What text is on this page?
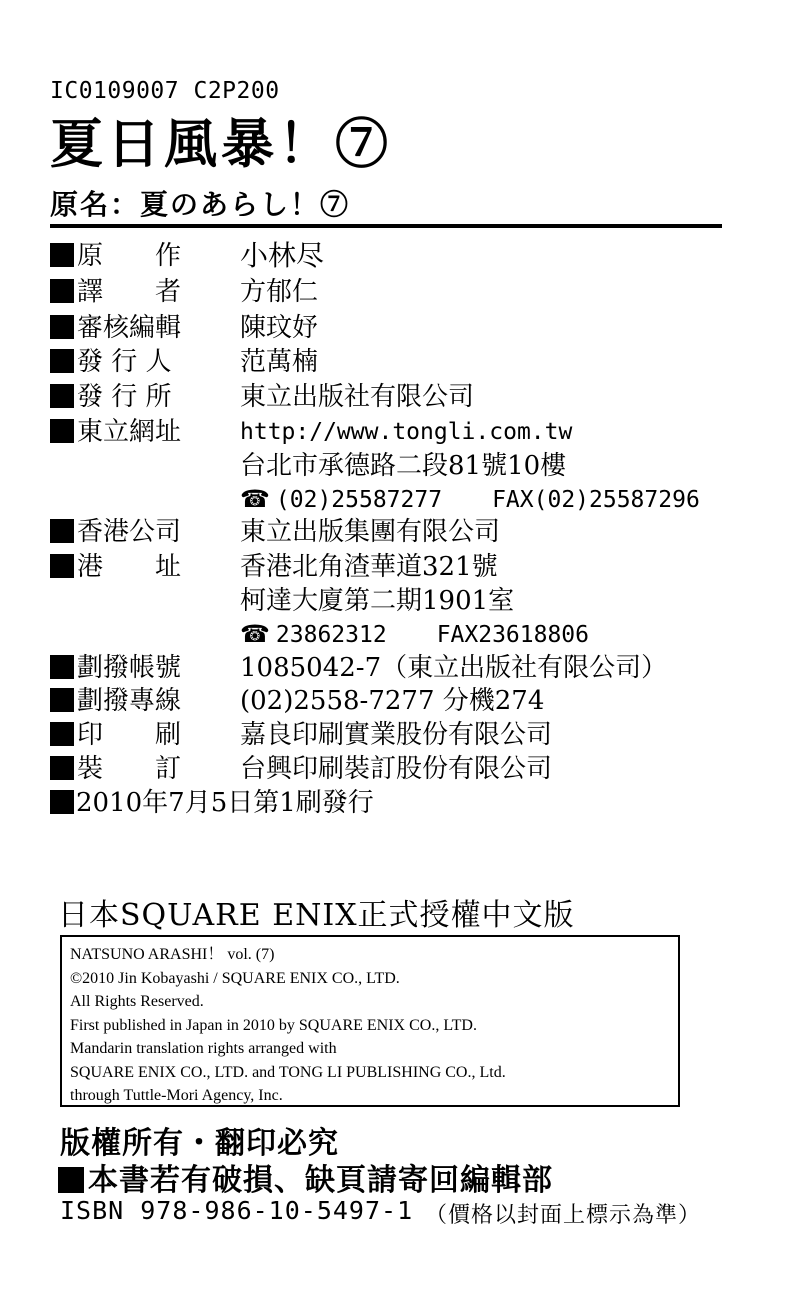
IC0109007 C2P200
夏日風暴！⑦
原名：夏のあらし！⑦
原　　作 小林尽
譯　　者 方郁仁
審核編輯 陳玟妤
發 行 人	范萬楠
發 行 所	東立出版社有限公司
東立網址	http://www.tongli.com.tw
台北市承德路二段81號10樓
☎ (02)25587277 FAX(02)25587296
香港公司 東立出版集團有限公司
港　　址 香港北角渣華道321號
柯達大廈第二期1901室
☎ 23862312 FAX23618806
劃撥帳號 1085042-7（東立出版社有限公司）
劃撥專線 (02)2558-7277 分機274
印　　刷 嘉良印刷實業股份有限公司
裝　　訂 台興印刷裝訂股份有限公司
2010年7月5日第1刷發行
日本SQUARE ENIX正式授權中文版
NATSUNO ARASHI！ vol. (7)
©2010 Jin Kobayashi / SQUARE ENIX CO., LTD.
All Rights Reserved.
First published in Japan in 2010 by SQUARE ENIX CO., LTD.
Mandarin translation rights arranged with
SQUARE ENIX CO., LTD. and TONG LI PUBLISHING CO., Ltd.
through Tuttle-Mori Agency, Inc.
版權所有・翻印必究
本書若有破損、缺頁請寄回編輯部
ISBN 978-986-10-5497-1 （價格以封面上標示為準）
